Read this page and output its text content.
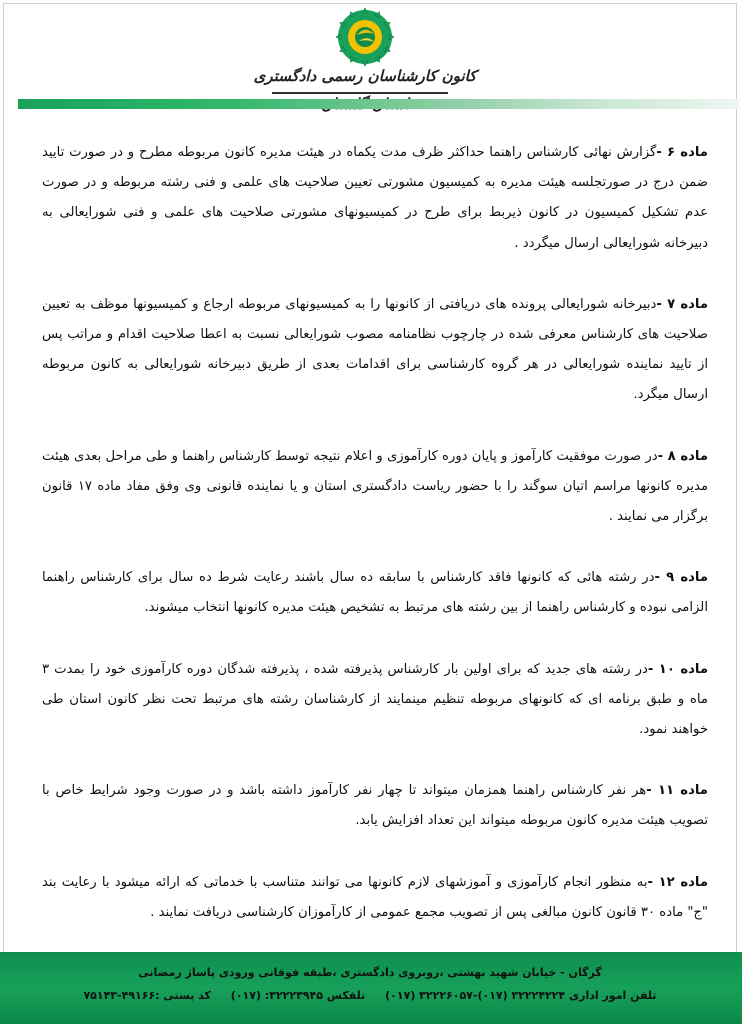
کانون کارشناسان رسمی دادگستری

ماده ۶ -گزارش نهائی کارشناس راهنما حداکثر ظرف مدت یکماه در هیئت مدیره کانون مربوطه مطرح و در صورت تایید ضمن درج در صورتجلسه هیئت مدیره به کمیسیون مشورتی تعیین صلاحیت های علمی و فنی رشته مربوطه و در صورت عدم تشکیل کمیسیون در کانون ذیربط برای طرح در کمیسیونهای مشورتی صلاحیت های علمی و فنی شورایعالی به دبیرخانه شورایعالی ارسال میگردد .

ماده ۷ -دبیرخانه شورایعالی پرونده های دریافتی از کانونها را به کمیسیونهای مربوطه ارجاع و کمیسیونها موظف به تعیین صلاحیت های کارشناس معرفی شده در چارچوب نظامنامه مصوب شورایعالی نسبت به اعطا صلاحیت اقدام و مراتب پس از تایید نماینده شورایعالی در هر گروه کارشناسی برای اقدامات بعدی از طریق دبیرخانه شورایعالی به کانون مربوطه ارسال میگرد.

ماده ۸ -در صورت موفقیت کارآموز و پایان دوره کارآموزی و اعلام نتیجه توسط کارشناس راهنما و طی مراحل بعدی هیئت مدیره کانونها مراسم اتیان سوگند را با حضور ریاست دادگستری استان و یا نماینده قانونی وی وفق مفاد ماده ۱۷ قانون برگزار می نمایند .

ماده ۹ -در رشته هائی که کانونها فاقد کارشناس با سابقه ده سال باشند رعایت شرط ده سال برای کارشناس راهنما الزامی نبوده و کارشناس راهنما از بین رشته های مرتبط به تشخیص هیئت مدیره کانونها انتخاب میشوند.

ماده ۱۰ -در رشته های جدید که برای اولین بار کارشناس پذیرفته شده ، پذیرفته شدگان دوره کارآموزی خود را بمدت ۳ ماه و طبق برنامه ای که کانونهای مربوطه تنظیم مینمایند از کارشناسان رشته های مرتبط تحت نظر کانون استان طی خواهند نمود.

ماده ۱۱ -هر نفر کارشناس راهنما همزمان میتواند تا چهار نفر کارآموز داشته باشد و در صورت وجود شرایط خاص با تصویب هیئت مدیره کانون مربوطه میتواند این تعداد افزایش یابد.

ماده ۱۲ -به منظور انجام کارآموزی و آموزشهای لازم کانونها می توانند متناسب با خدماتی که ارائه میشود با رعایت بند "ج" ماده ۳۰ قانون کانون مبالغی پس از تصویب مجمع عمومی از کارآموزان کارشناسی دریافت نمایند .

گرگان - خیابان شهید بهشتی ،روبروی دادگستری ،طبقه فوقانی ورودی پاساژ رمضانی
تلفن امور اداری ۳۲۲۲۴۲۲۴ (۰۱۷)-۳۲۲۲۶۰۵۷ (۰۱۷) تلفکس ۳۲۲۲۳۹۴۵: (۰۱۷) کد پستی :۴۹۱۶۶-۷۵۱۴۳
